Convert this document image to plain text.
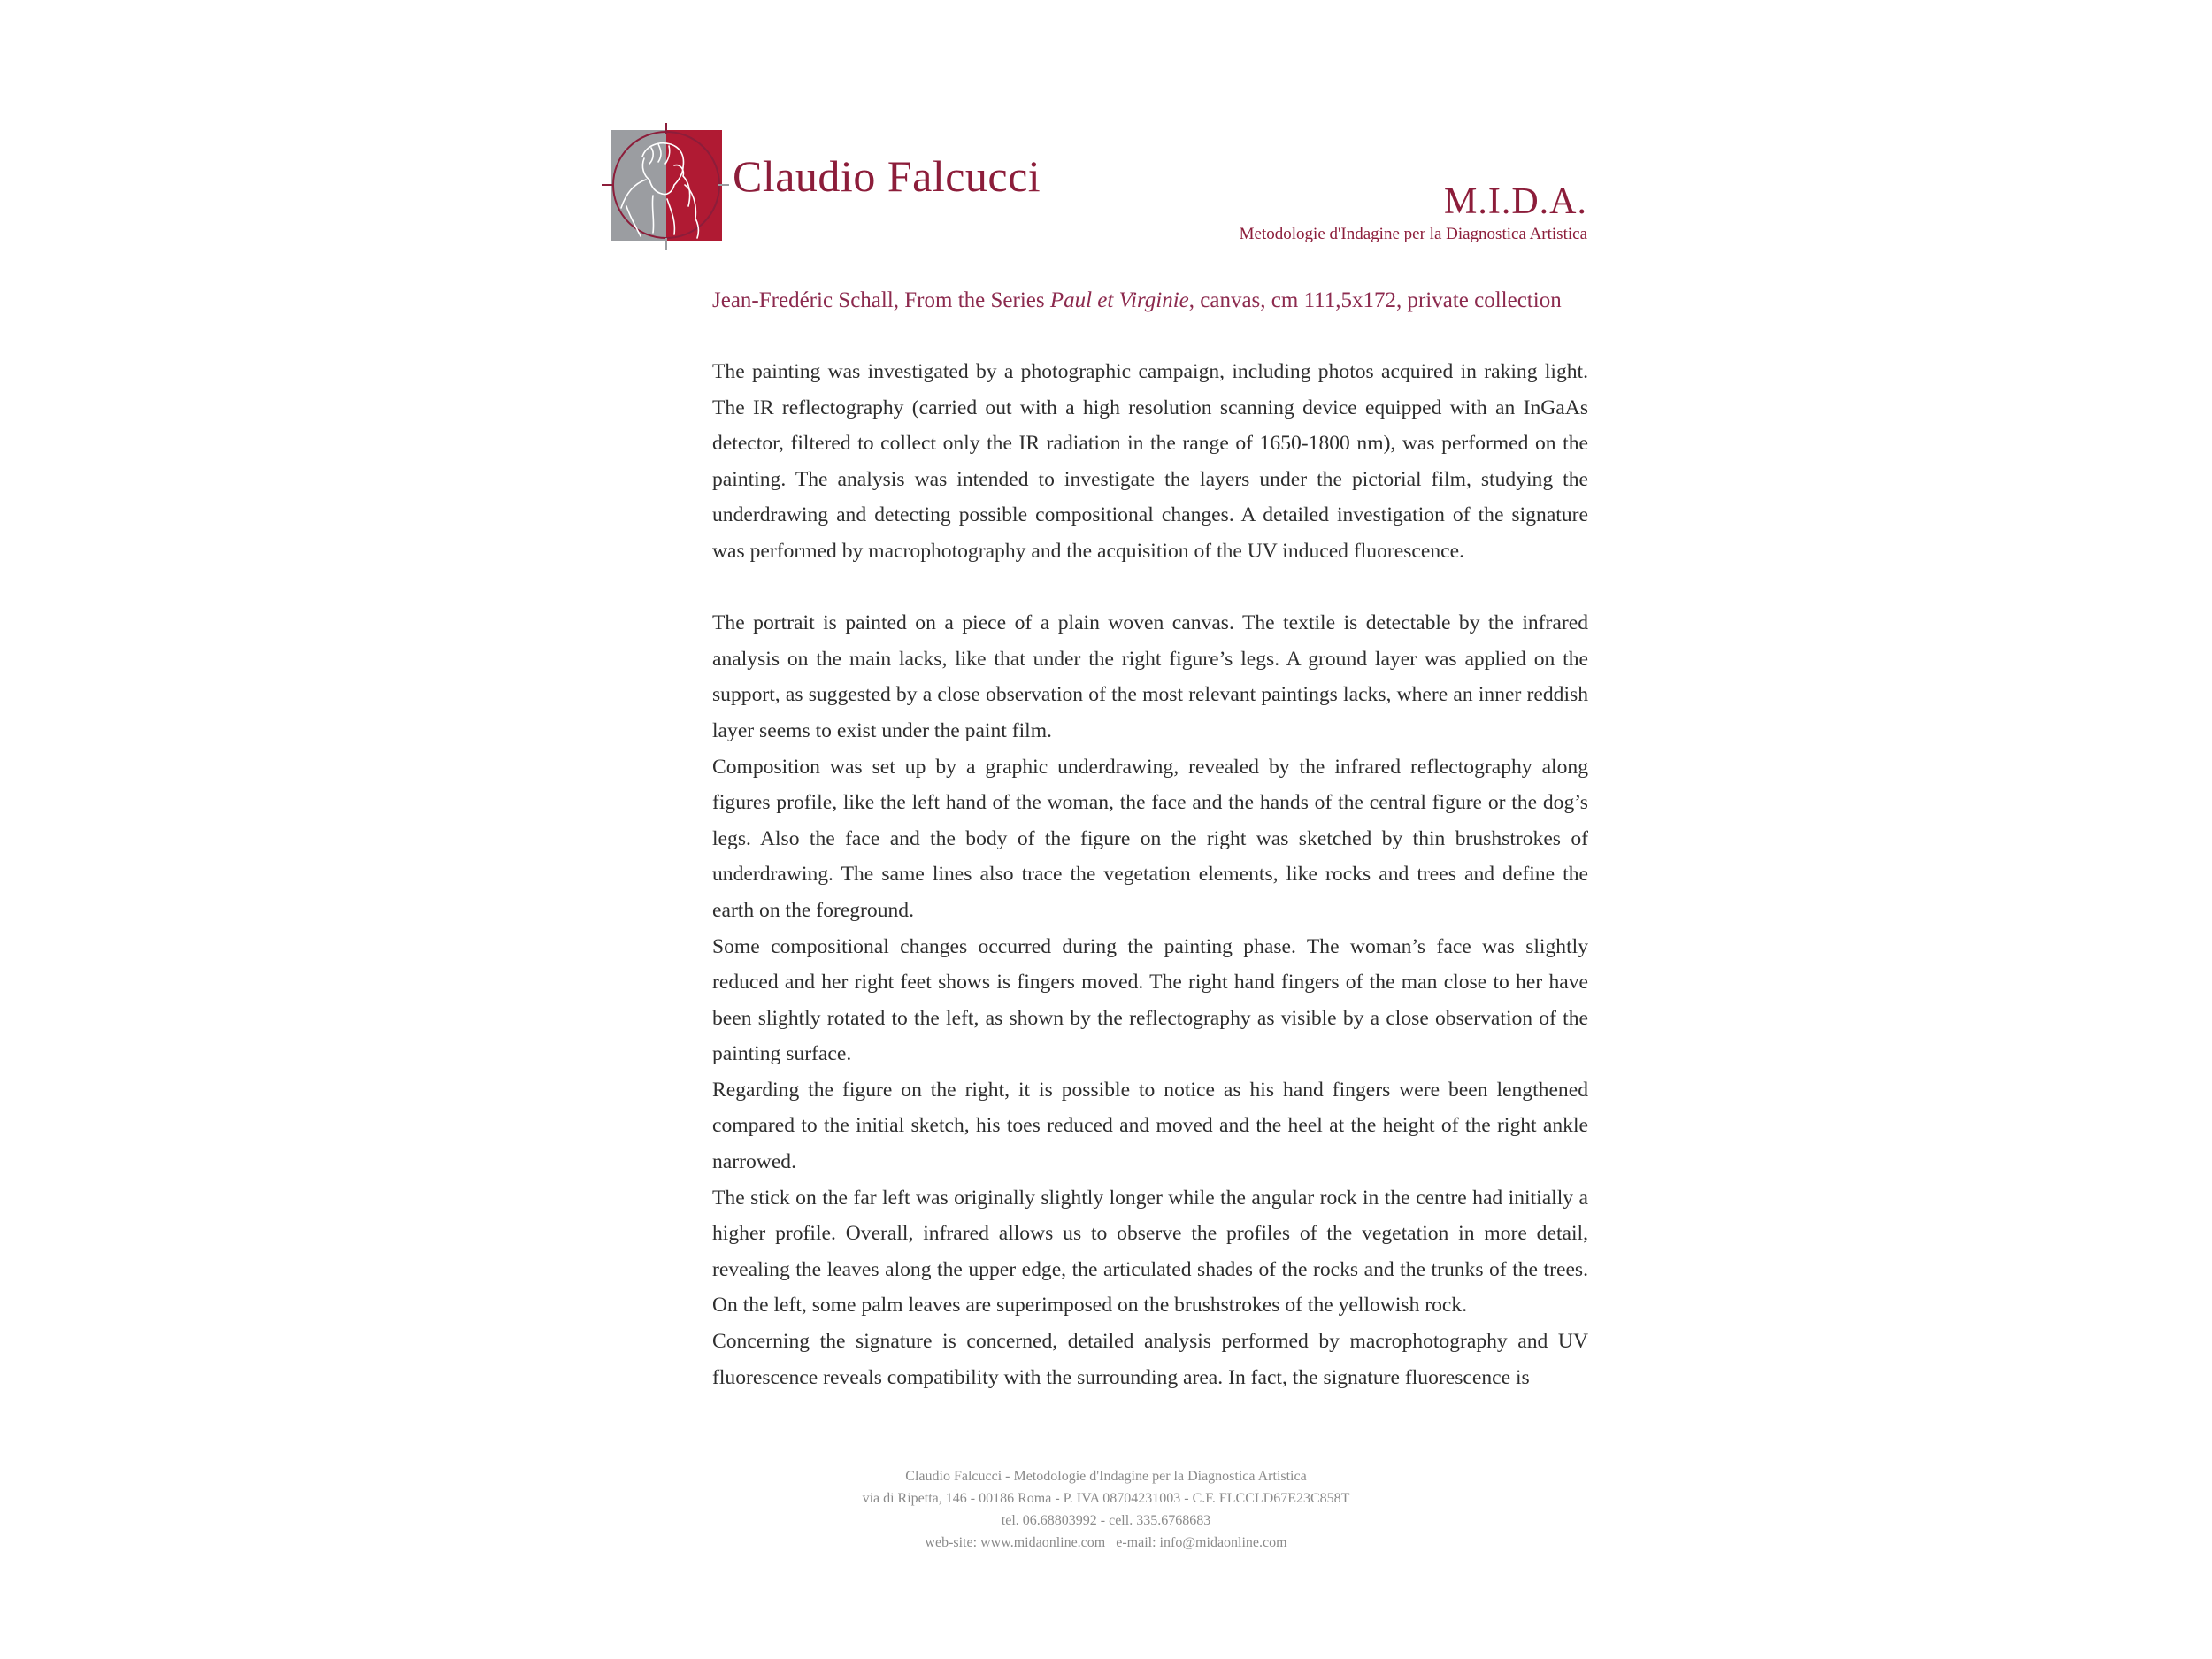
Claudio Falcucci
M.I.D.A.
Metodologie d'Indagine per la Diagnostica Artistica
Jean-Fredéric Schall, From the Series Paul et Virginie, canvas, cm 111,5x172, private collection

The painting was investigated by a photographic campaign, including photos acquired in raking light. The IR reflectography (carried out with a high resolution scanning device equipped with an InGaAs detector, filtered to collect only the IR radiation in the range of 1650-1800 nm), was performed on the painting. The analysis was intended to investigate the layers under the pictorial film, studying the underdrawing and detecting possible compositional changes. A detailed investigation of the signature was performed by macrophotography and the acquisition of the UV induced fluorescence.

The portrait is painted on a piece of a plain woven canvas. The textile is detectable by the infrared analysis on the main lacks, like that under the right figure’s legs. A ground layer was applied on the support, as suggested by a close observation of the most relevant paintings lacks, where an inner reddish layer seems to exist under the paint film.

Composition was set up by a graphic underdrawing, revealed by the infrared reflectography along figures profile, like the left hand of the woman, the face and the hands of the central figure or the dog’s legs. Also the face and the body of the figure on the right was sketched by thin brushstrokes of underdrawing. The same lines also trace the vegetation elements, like rocks and trees and define the earth on the foreground.

Some compositional changes occurred during the painting phase. The woman’s face was slightly reduced and her right feet shows is fingers moved. The right hand fingers of the man close to her have been slightly rotated to the left, as shown by the reflectography as visible by a close observation of the painting surface.

Regarding the figure on the right, it is possible to notice as his hand fingers were been lengthened compared to the initial sketch, his toes reduced and moved and the heel at the height of the right ankle narrowed.

The stick on the far left was originally slightly longer while the angular rock in the centre had initially a higher profile. Overall, infrared allows us to observe the profiles of the vegetation in more detail, revealing the leaves along the upper edge, the articulated shades of the rocks and the trunks of the trees. On the left, some palm leaves are superimposed on the brushstrokes of the yellowish rock.

Concerning the signature is concerned, detailed analysis performed by macrophotography and UV fluorescence reveals compatibility with the surrounding area. In fact, the signature fluorescence is

Claudio Falcucci - Metodologie d'Indagine per la Diagnostica Artistica
via di Ripetta, 146 - 00186 Roma - P. IVA 08704231003 - C.F. FLCCLD67E23C858T
tel. 06.68803992 - cell. 335.6768683
web-site: www.midaonline.com   e-mail: info@midaonline.com
